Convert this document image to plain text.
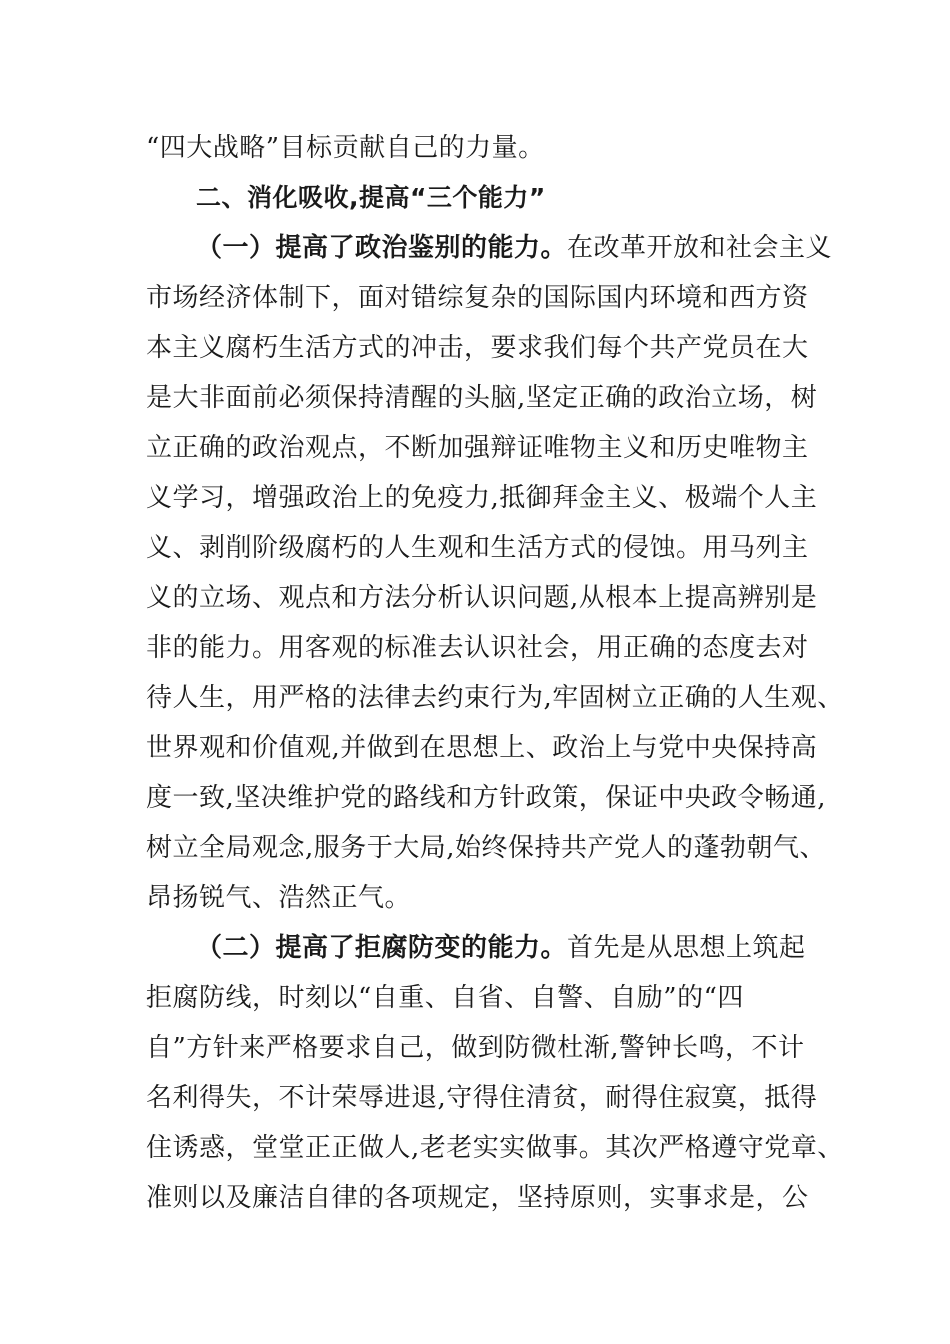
“四大战略”目标贡献自己的力量。
二、消化吸收,提高“三个能力”
（一）提高了政治鉴别的能力。在改革开放和社会主义
市场经济体制下，面对错综复杂的国际国内环境和西方资
本主义腐朽生活方式的冲击，要求我们每个共产党员在大
是大非面前必须保持清醒的头脑,坚定正确的政治立场，树
立正确的政治观点，不断加强辩证唯物主义和历史唯物主
义学习，增强政治上的免疫力,抵御拜金主义、极端个人主
义、剥削阶级腐朽的人生观和生活方式的侵蚀。用马列主
义的立场、观点和方法分析认识问题,从根本上提高辨别是
非的能力。用客观的标准去认识社会，用正确的态度去对
待人生，用严格的法律去约束行为,牢固树立正确的人生观、
世界观和价值观,并做到在思想上、政治上与党中央保持高
度一致,坚决维护党的路线和方针政策，保证中央政令畅通,
树立全局观念,服务于大局,始终保持共产党人的蓬勃朝气、
昂扬锐气、浩然正气。
（二）提高了拒腐防变的能力。首先是从思想上筑起
拒腐防线，时刻以“自重、自省、自警、自励”的“四
自”方针来严格要求自己，做到防微杜渐,警钟长鸣，不计
名利得失，不计荣辱进退,守得住清贫，耐得住寂寞，抵得
住诱惑，堂堂正正做人,老老实实做事。其次严格遵守党章、
准则以及廉洁自律的各项规定，坚持原则，实事求是，公
